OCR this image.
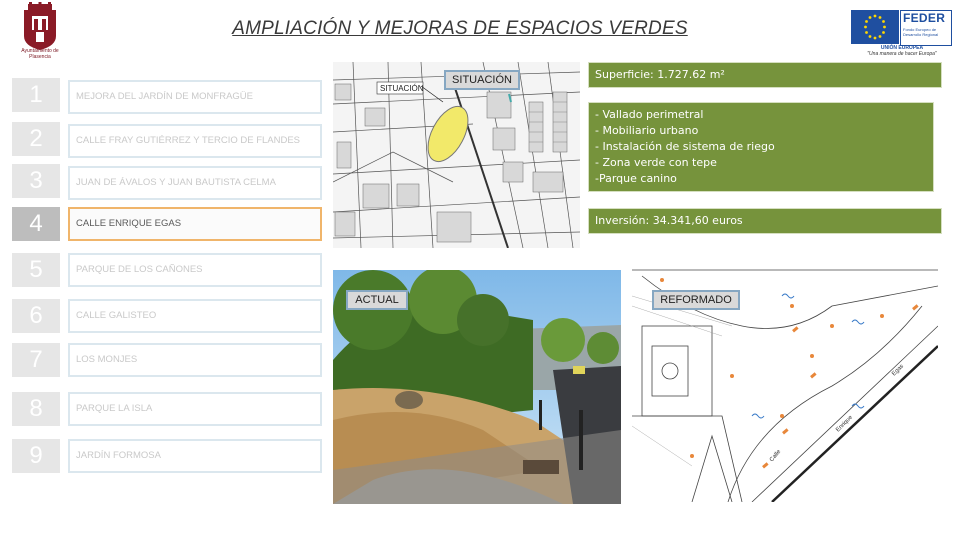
AMPLIACIÓN Y MEJORAS DE ESPACIOS VERDES
Ayuntamiento de Plasencia
FEDER
Fondo Europeo de Desarrollo Regional
UNIÓN EUROPEA
"Una manera de hacer Europa"
1	MEJORA DEL JARDÍN DE MONFRAGÜE
2	CALLE FRAY GUTIÉRREZ Y TERCIO DE FLANDES
3	JUAN DE ÁVALOS Y JUAN BAUTISTA CELMA
4	CALLE ENRIQUE EGAS
5	PARQUE DE LOS CAÑONES
6	CALLE GALISTEO
7	LOS MONJES
8	PARQUE LA ISLA
9	JARDÍN FORMOSA
SITUACIÓN
SITUACIÓN	Superficie: 1.727.62 m²
- Vallado perimetral
- Mobiliario urbano
- Instalación de sistema de riego
- Zona verde con tepe
-Parque canino
Inversión: 34.341,60 euros
ACTUAL
Egas
Enrique
Calle
REFORMADO
